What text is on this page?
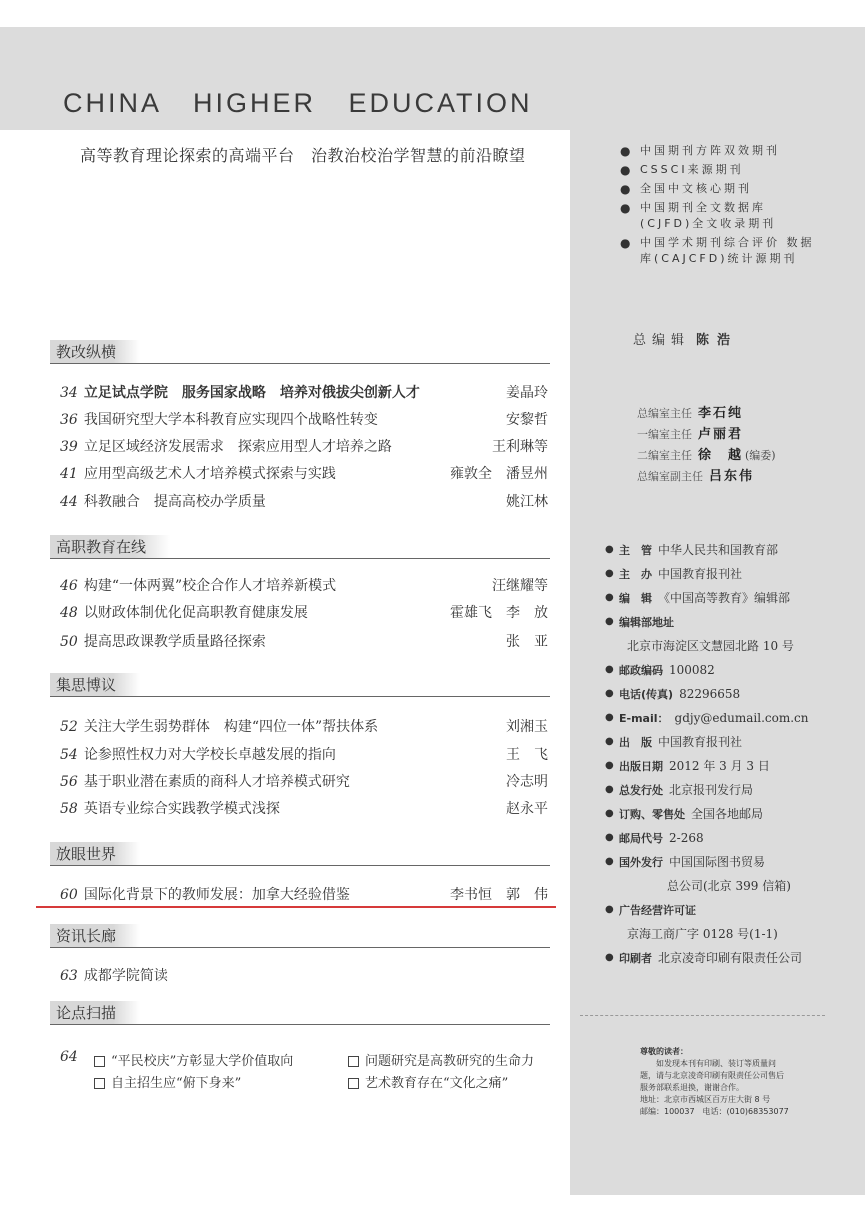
CHINA HIGHER EDUCATION
高等教育理论探索的高端平台　治教治校治学智慧的前沿瞭望
教改纵横
34 立足试点学院　服务国家战略　培养对俄拔尖创新人才	姜晶玲
36 我国研究型大学本科教育应实现四个战略性转变	安黎哲
39 立足区域经济发展需求　探索应用型人才培养之路	王利琳等
41 应用型高级艺术人才培养模式探索与实践	雍敦全　潘昱州
44 科教融合　提高高校办学质量	姚江林
高职教育在线
46 构建“一体两翼”校企合作人才培养新模式	汪继耀等
48 以财政体制优化促高职教育健康发展	霍雄飞　李　放
50 提高思政课教学质量路径探索	张　亚
集思博议
52 关注大学生弱势群体　构建“四位一体”帮扶体系	刘湘玉
54 论参照性权力对大学校长卓越发展的指向	王　飞
56 基于职业潜在素质的商科人才培养模式研究	冷志明
58 英语专业综合实践教学模式浅探	赵永平
放眼世界
60 国际化背景下的教师发展：加拿大经验借鉴	李书恒　郭　伟
资讯长廊
63 成都学院简读
论点扫描
64	“平民校庆”方彰显大学价值取向	问题研究是高教研究的生命力
自主招生应“俯下身来”	艺术教育存在“文化之痛”
● 中国期刊方阵双效期刊
● CSSCI来源期刊
● 全国中文核心期刊
● 中国期刊全文数据库 (CJFD)全文收录期刊
● 中国学术期刊综合评价 数据库(CAJCFD)统计源期刊
总编辑 陈浩
总编室主任 李石纯
一编室主任 卢丽君
二编室主任 徐　越 (编委)
总编室副主任 吕东伟
● 主　管 中华人民共和国教育部
● 主　办 中国教育报刊社
● 编　辑 《中国高等教育》编辑部
● 编辑部地址
北京市海淀区文慧园北路 10 号
● 邮政编码 100082
● 电话(传真) 82296658
● E-mail： gdjy@edumail.com.cn
● 出　版 中国教育报刊社
● 出版日期 2012 年 3 月 3 日
● 总发行处 北京报刊发行局
● 订购、零售处 全国各地邮局
● 邮局代号 2-268
● 国外发行 中国国际图书贸易
总公司(北京 399 信箱)
● 广告经营许可证
京海工商广字 0128 号(1-1)
● 印刷者 北京凌奇印刷有限责任公司
尊敬的读者：
　　如发现本刊有印刷、装订等质量问
题，请与北京凌奇印刷有限责任公司售后
服务部联系退换，谢谢合作。
地址：北京市西城区百万庄大街 8 号
邮编：100037　电话：(010)68353077
